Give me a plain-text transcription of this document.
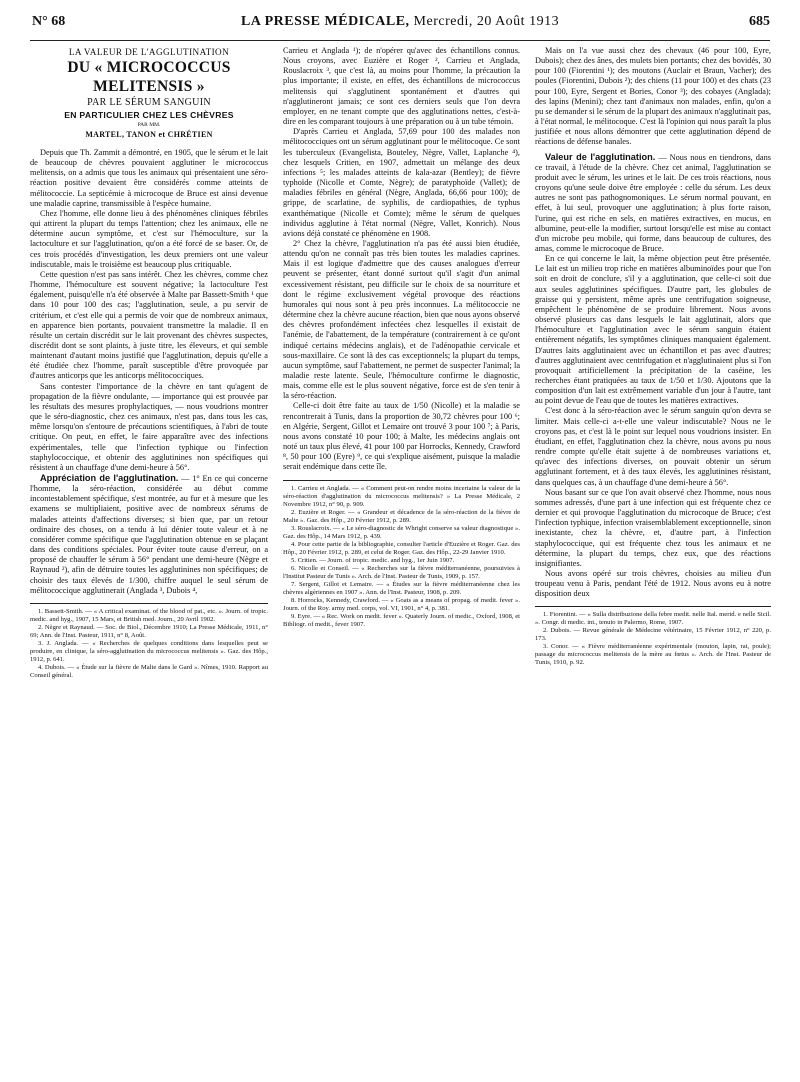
N° 68	LA PRESSE MÉDICALE, Mercredi, 20 Août 1913	685
LA VALEUR DE L'AGGLUTINATION
DU « MICROCOCCUS MELITENSIS »
PAR LE SÉRUM SANGUIN
EN PARTICULIER CHEZ LES CHÈVRES
PAR MM.
MARTEL, TANON et CHRÉTIEN

Depuis que Th. Zammit a démontré, en 1905, que le sérum et le lait de beaucoup de chèvres pouvaient agglutiner le micrococcus melitensis, on a admis que tous les animaux qui présentaient une séro-réaction positive devaient être considérés comme atteints de mélitococcie. La septicémie à microcoque de Bruce est ainsi devenue une maladie caprine, transmissible à l'espèce humaine.

Chez l'homme, elle donne lieu à des phénomènes cliniques fébriles qui attirent la plupart du temps l'attention; chez les animaux, elle ne détermine aucun symptôme, et c'est sur l'hémoculture, sur la lactoculture et sur l'agglutination, qu'on a été forcé de se baser. Or, de ces trois procédés d'investigation, les deux premiers ont une valeur indiscutable, mais le troisième est beaucoup plus critiquable.

Cette question n'est pas sans intérêt. Chez les chèvres, comme chez l'homme, l'hémoculture est souvent négative; la lactoculture l'est également, puisqu'elle n'a été observée à Malte par Bassett-Smith ¹ que dans 10 pour 100 des cas; l'agglutination, seule, a pu servir de critérium, et c'est elle qui a permis de voir que de nombreux animaux, en apparence bien portants, pouvaient transmettre la maladie. Il en résulte un certain discrédit sur le lait provenant des chèvres suspectes, discrédit dont se sont plaints, à juste titre, les éleveurs, et qui semble maintenant d'autant moins justifié que l'agglutination, depuis qu'elle a été étudiée chez l'homme, paraît susceptible d'être provoquée par d'autres anticorps que les anticorps mélitococciques.

Sans contester l'importance de la chèvre en tant qu'agent de propagation de la fièvre ondulante, — importance qui est prouvée par les résultats des mesures prophylactiques, — nous voudrions montrer que le séro-diagnostic, chez ces animaux, n'est pas, dans tous les cas, même lorsqu'on s'entoure de précautions scientifiques, à l'abri de toute critique. On peut, en effet, le faire apparaître avec des infections expérimentales, telle que l'infection typhique ou l'infection staphylococcique, et obtenir des agglutinines non spécifiques qui résistent à un chauffage d'une demi-heure à 56°.

Appréciation de l'agglutination. — 1° En ce qui concerne l'homme, la séro-réaction, considérée au début comme incontestablement spécifique, s'est montrée, au fur et à mesure que les examens se multipliaient, positive avec de nombreux sérums de malades atteints d'affections diverses; si bien que, par un retour ordinaire des choses, on a tendu à lui dénier toute valeur et à ne considérer comme spécifique que l'agglutination obtenue en se plaçant dans des conditions spéciales. Pour éviter toute cause d'erreur, on a proposé de chauffer le sérum à 56° pendant une demi-heure (Nègre et Raynaud ²), afin de détruire toutes les agglutinines non spécifiques; de choisir des taux élevés de 1/300, chiffre auquel le seul sérum de mélitococcique agglutinerait (Anglada ³, Dubois ⁴,

1. Bassett-Smith. — « A critical examinat. of the blood of pat., etc. ». Journ. of tropic. medic. and hyg., 1907, 15 Mars, et British med. Journ., 20 Avril 1902.

2. Nègre et Raynaud. — Soc. de Biol., Décembre 1910; La Presse Médicale, 1911, n° 69; Ann. de l'Inst. Pasteur, 1911, n° 8, Août.

3. J. Anglada. — « Recherches de quelques conditions dans lesquelles peut se produire, en clinique, la séro-agglutination du micrococcus melitensis ». Gaz. des Hôp., 1912, p. 641.

4. Dubois. — « Étude sur la fièvre de Malte dans le Gard ». Nîmes, 1910. Rapport au Conseil général.

Carrieu et Anglada ¹); de n'opérer qu'avec des échantillons connus. Nous croyons, avec Euzière et Roger ², Carrieu et Anglada, Rouslacroix ³, que c'est là, au moins pour l'homme, la précaution la plus importante; il existe, en effet, des échantillons de micrococcus melitensis qui s'agglutinent spontanément et d'autres qui n'agglutineront jamais; ce sont ces derniers seuls que l'on devra employer, en ne tenant compte que des agglutinations nettes, c'est-à-dire en les comparant toujours à une préparation ou à un tube témoin.

D'après Carrieu et Anglada, 57,69 pour 100 des malades non mélitococciques ont un sérum agglutinant pour le mélitocoque. Ce sont les tuberculeux (Evangelista, Bouteley, Nègre, Vallet, Laplanche ⁴), chez lesquels Critien, en 1907, admettait un mélange des deux infections ⁵; les malades atteints de kala-azar (Bentley); de fièvre typhoïde (Nicolle et Comte, Nègre); de paratyphoïde (Vallet); de maladies fébriles en général (Nègre, Anglada, 66,66 pour 100); de grippe, de scarlatine, de syphilis, de cardiopathies, de typhus exanthématique (Nicolle et Comte); même le sérum de quelques individus agglutine à l'état normal (Nègre, Vallet, Konrich). Nous avions déjà constaté ce phénomène en 1908.

2° Chez la chèvre, l'agglutination n'a pas été aussi bien étudiée, attendu qu'on ne connaît pas très bien toutes les maladies caprines. Mais il est logique d'admettre que des causes analogues d'erreur peuvent se présenter, étant donné surtout qu'il s'agit d'un animal excessivement résistant, peu difficile sur le choix de sa nourriture et dont le régime exclusivement végétal provoque des réactions humorales qui nous sont à peu près inconnues. La mélitococcie ne détermine chez la chèvre aucune réaction, bien que nous ayons observé des chèvres profondément infectées chez lesquelles il existait de l'anémie, de l'abattement, de la température (contrairement à ce qu'ont indiqué certains médecins anglais), et de l'adénopathie cervicale et sous-maxillaire. Ce sont là des cas exceptionnels; la plupart du temps, aucun symptôme, sauf l'abattement, ne permet de suspecter l'animal; la maladie reste latente. Seule, l'hémoculture confirme le diagnostic, mais, comme elle est le plus souvent négative, force est de s'en tenir à la séro-réaction.

Celle-ci doit être faite au taux de 1/50 (Nicolle) et la maladie se rencontrerait à Tunis, dans la proportion de 30,72 chèvres pour 100 ⁶; en Algérie, Sergent, Gillot et Lemaire ont trouvé 3 pour 100 ⁷; à Paris, nous avons constaté 10 pour 100; à Malte, les médecins anglais ont noté un taux plus élevé, 41 pour 100 par Horrocks, Kennedy, Crawford ⁸, 50 pour 100 (Eyre) ⁹, ce qui s'explique aisément, puisque la maladie serait endémique dans cette île.

1. Carrieu et Anglada. — « Comment peut-on rendre moins incertaine la valeur de la séro-réaction d'agglutination du micrococcus melitensis? » La Presse Médicale, 2 Novembre 1912, n° 90, p. 909.

2. Euzière et Roger. — « Grandeur et décadence de la séro-réaction de la fièvre de Malte ». Gaz. des Hôp., 20 Février 1912, p. 289.

3. Rouslacroix. — « Le séro-diagnostic de Whright conserve sa valeur diagnostique ». Gaz. des Hôp., 14 Mars 1912, p. 439.

4. Pour cette partie de la bibliographie, consulter l'article d'Euzière et Roger. Gaz. des Hôp., 20 Février 1912, p. 289, et celui de Roger. Gaz. des Hôp., 22-29 Janvier 1910.

5. Critien. — Journ. of tropic. medic. and hyg., 1er Juin 1907.

6. Nicolle et Conseil. — « Recherches sur la fièvre méditerranéenne, poursuivies à l'Institut Pasteur de Tunis ». Arch. de l'Inst. Pasteur de Tunis, 1909, p. 157.

7. Sergent, Gillot et Lemaire. — « Études sur la fièvre méditerranéenne chez les chèvres algériennes en 1907 ». Ann. de l'Inst. Pasteur, 1908, p. 209.

8. Horrocks, Kennedy, Crawford. — « Goats as a means of propag. of medit. fever ». Journ. of the Roy. army med. corps, vol. VI, 1901, n° 4, p. 381.

9. Eyre. — « Rec. Work on medit. fever ». Quaterly Journ. of medic., Oxford, 1908, et Bibliogr. of medit., fever 1907.

Mais on l'a vue aussi chez des chevaux (46 pour 100, Eyre, Dubois); chez des ânes, des mulets bien portants; chez des bovidés, 30 pour 100 (Fiorentini ¹); des moutons (Auclair et Braun, Vacher); des poules (Fiorentini, Dubois ²); des chiens (11 pour 100) et des chats (23 pour 100, Eyre, Sergent et Bories, Conor ³); des cobayes (Anglada); des lapins (Menini); chez tant d'animaux non malades, enfin, qu'on a pu se demander si le sérum de la plupart des animaux n'agglutinait pas, à l'état normal, le mélitocoque. C'est là l'opinion qui nous paraît la plus justifiée et nous allons démontrer que cette agglutination dépend de réactions de défense banales.

Valeur de l'agglutination. — Nous nous en tiendrons, dans ce travail, à l'étude de la chèvre. Chez cet animal, l'agglutination se produit avec le sérum, les urines et le lait. De ces trois réactions, nous croyons qu'une seule doive être employée : celle du sérum. Les deux autres ne sont pas pathognomoniques. Le sérum normal pouvant, en effet, à lui seul, provoquer une agglutination; à plus forte raison, l'urine, qui est riche en sels, en matières extractives, en mucus, en albumine, peut-elle la modifier, surtout lorsqu'elle est mise au contact d'un microbe peu mobile, qui forme, dans beaucoup de cultures, des amas, comme le microcoque de Bruce.

En ce qui concerne le lait, la même objection peut être présentée. Le lait est un milieu trop riche en matières albuminoïdes pour que l'on soit en droit de conclure, s'il y a agglutination, que celle-ci soit due aux seules agglutinines spécifiques. D'autre part, les globules de graisse qui y persistent, même après une centrifugation soigneuse, empêchent le phénomène de se produire librement. Nous avons observé plusieurs cas dans lesquels le lait agglutinait, alors que l'hémoculture et l'agglutination avec le sérum sanguin étaient entièrement négatifs, les symptômes cliniques manquaient également. D'autres laits agglutinaient avec un échantillon et pas avec d'autres; d'autres agglutinaient avec centrifugation et n'agglutinaient plus si l'on provoquait artificiellement la précipitation de la caséine, les recherches étant pratiquées au taux de 1/50 et 1/30. Ajoutons que la composition d'un lait est extrêmement variable d'un jour à l'autre, tant au point devue de l'eau que de toutes les matières extractives.

C'est donc à la séro-réaction avec le sérum sanguin qu'on devra se limiter. Mais celle-ci a-t-elle une valeur indiscutable? Nous ne le croyons pas, et c'est là le point sur lequel nous voudrions insister. En étudiant, en effet, l'agglutination chez la chèvre, nous avons pu nous rendre compte qu'elle était sujette à de nombreuses variations et, qu'avec des infections diverses, on pouvait obtenir un sérum agglutinant fortement, et à des taux élevés, les agglutinines résistant, dans quelques cas, à un chauffage d'une demi-heure à 56°.

Nous basant sur ce que l'on avait observé chez l'homme, nous nous sommes adressés, d'une part à une infection qui est fréquente chez ce dernier et qui provoque l'agglutination du microcoque de Bruce; c'est l'infection typhique, infection vraisemblablement exceptionnelle, sinon inexistante, chez la chèvre, et, d'autre part, à l'infection staphylococcique, qui est fréquente chez tous les animaux et ne détermine, la plupart du temps, chez eux, que des réactions insignifiantes.

Nous avons opéré sur trois chèvres, choisies au milieu d'un troupeau venu à Paris, pendant l'été de 1912. Nous avons eu à notre disposition deux

1. Fiorentini. — « Sulla distribuzione della febre medit. nelle Ital. merid. e nelle Sicil. ». Congr. di medic. int., tenuto in Palermo, Rome, 1907.

2. Dubois. — Revue générale de Médecine vétérinaire, 15 Février 1912, n° 220, p. 173.

3. Conor. — « Fièvre méditerranéenne expérimentale (mouton, lapin, rat, poule); passage du micrococcus melitensis de la mère au fœtus ». Arch. de l'Inst. Pasteur de Tunis, 1910, p. 92.
